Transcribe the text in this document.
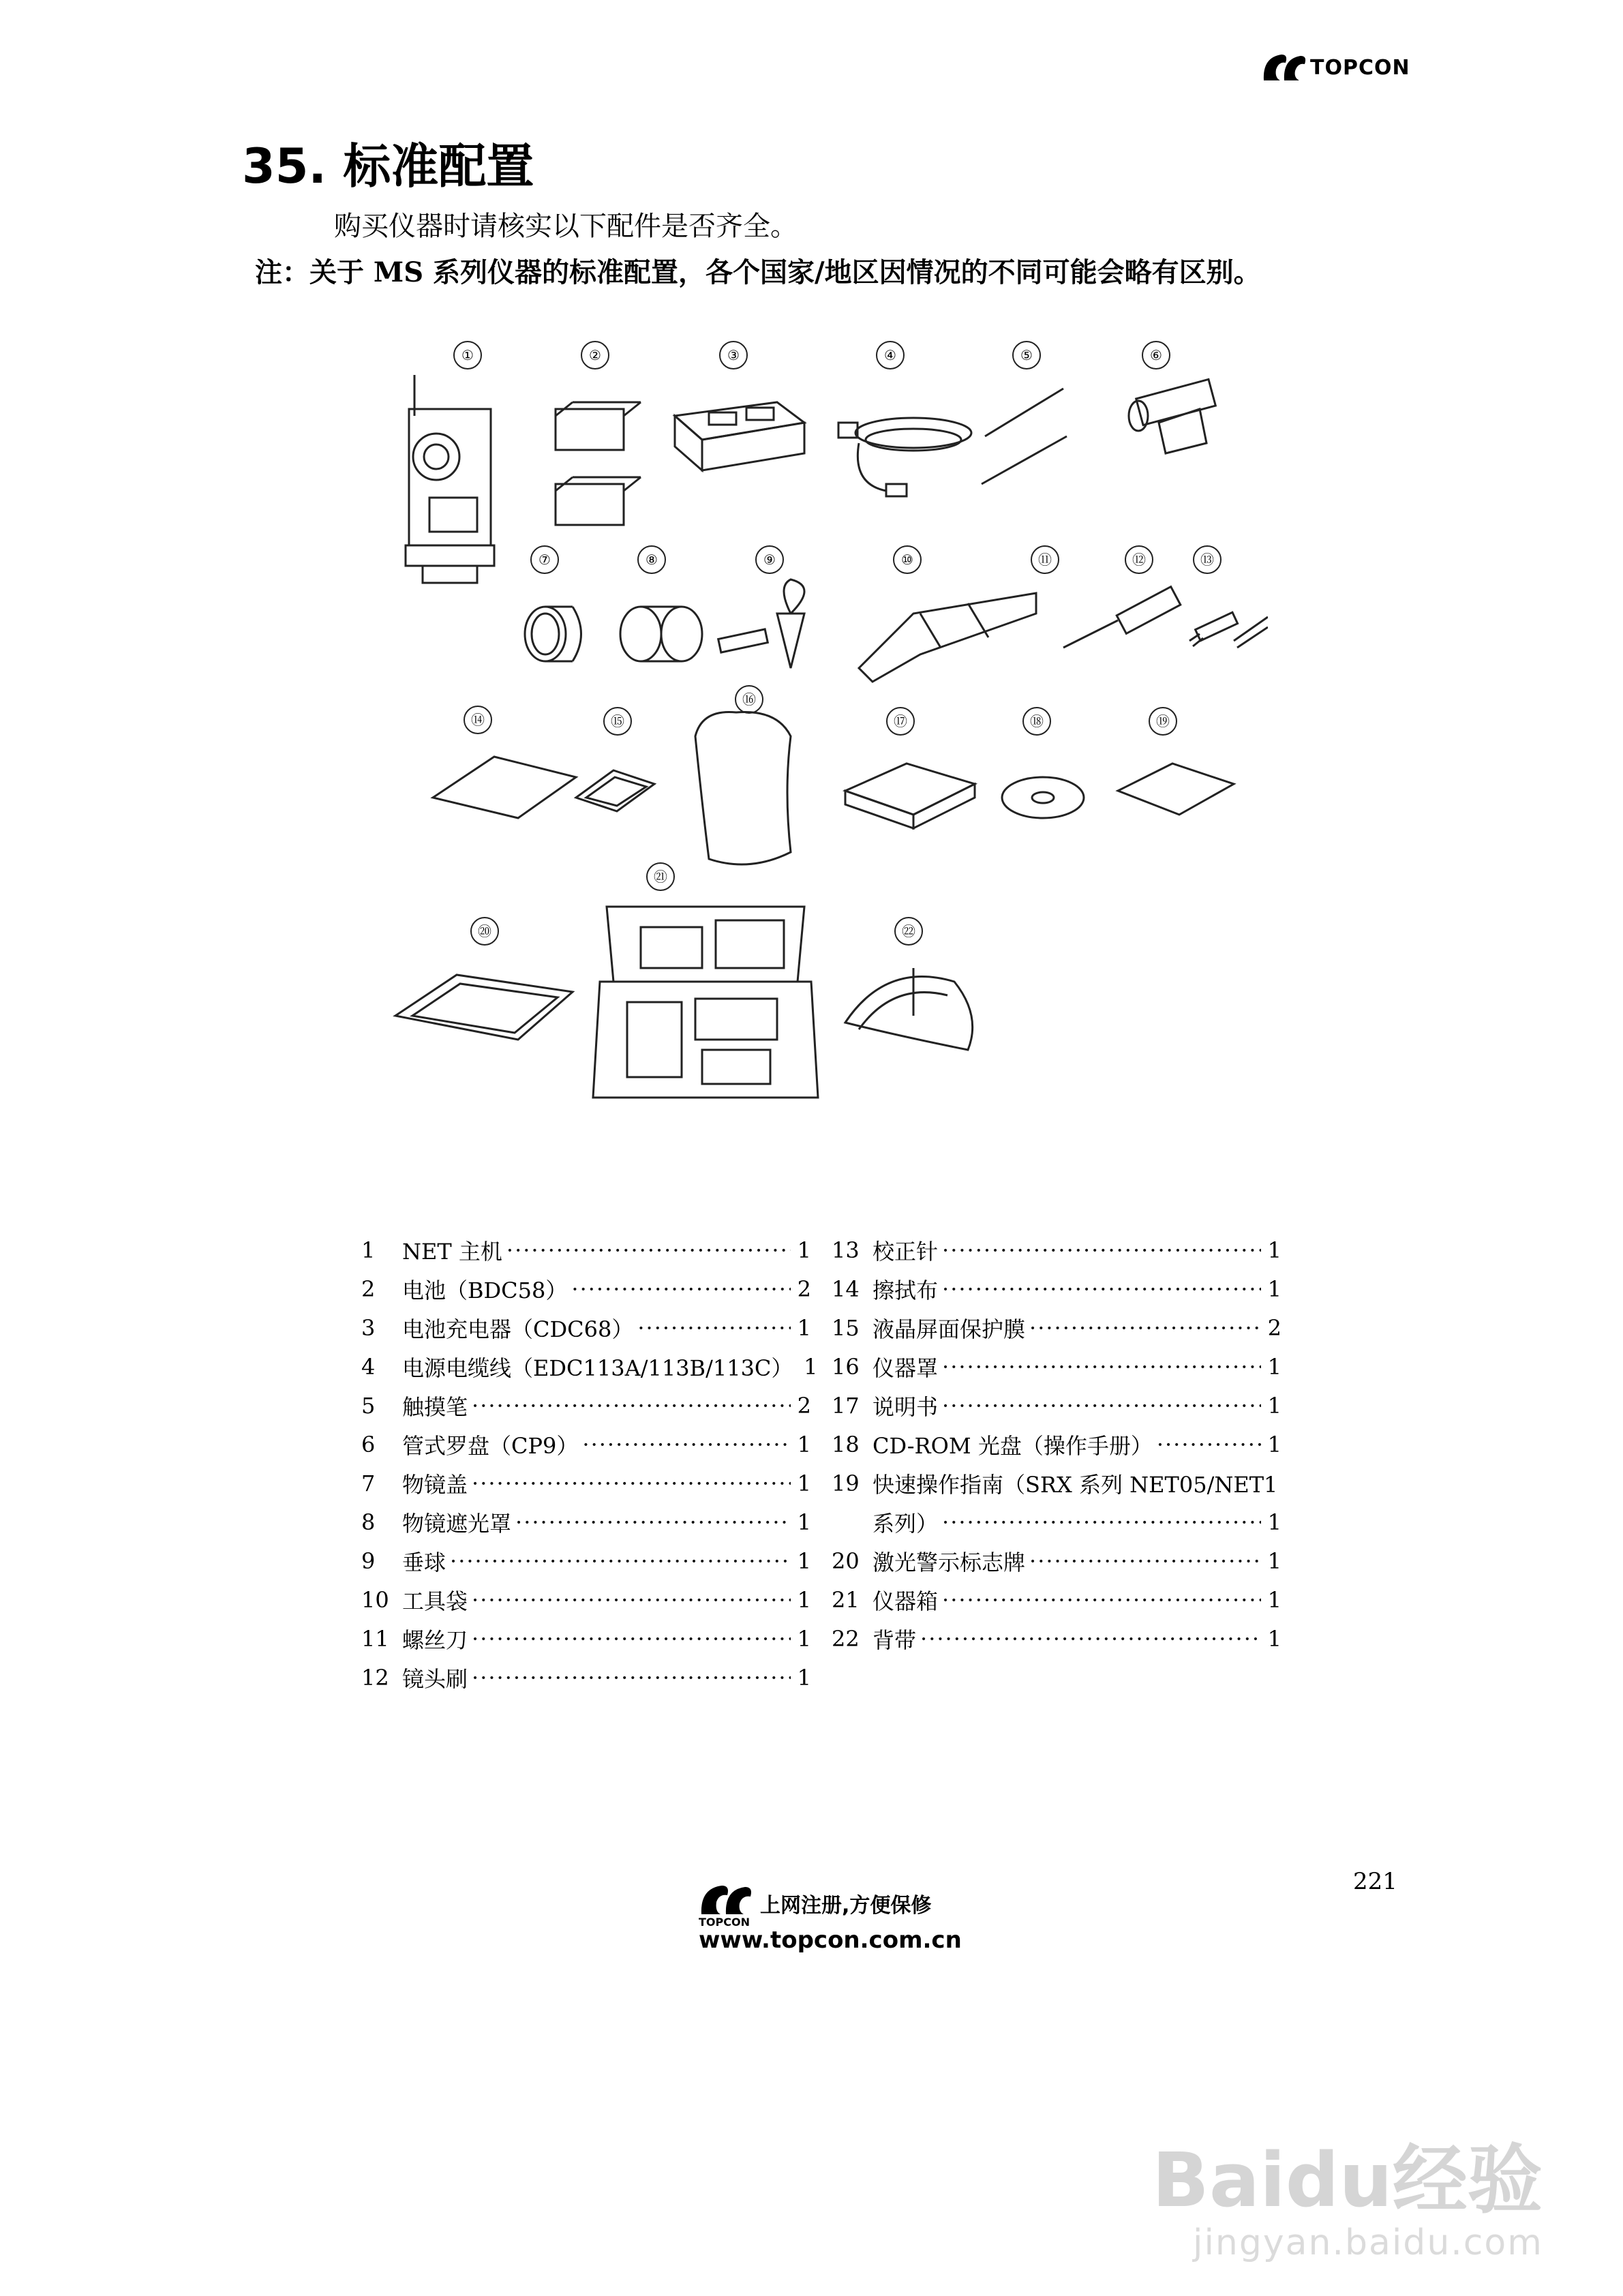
TOPCON
35. 标准配置
购买仪器时请核实以下配件是否齐全。
注：关于 MS 系列仪器的标准配置，各个国家/地区因情况的不同可能会略有区别。
①	②	③	④	⑤	⑥
⑦	⑧	⑨	⑩	⑪	⑫	⑬
⑭	⑮
⑯
⑰	⑱	⑲
⑳
㉑
㉒
1	NET 主机 ·····	1
2	电池（BDC58） ·····	2
3	电池充电器（CDC68） ·····	1
4	电源电缆线（EDC113A/113B/113C） 1
5	触摸笔 ·····	2
6	管式罗盘（CP9） ·····	1
7	物镜盖 ·····	1
8	物镜遮光罩 ·····	1
9	垂球 ·····	1
10 工具袋 ·····	1
11 螺丝刀 ·····	1
12 镜头刷 ·····	1
13 校正针 ·····	1
14 擦拭布 ·····	1
15 液晶屏面保护膜 ·····	2
16 仪器罩 ·····	1
17 说明书 ·····	1
18 CD-ROM 光盘（操作手册） ·····	1
19 快速操作指南（SRX 系列 NET05/NET1
系列） ·····	1
20 激光警示标志牌 ·····	1
21 仪器箱 ·····	1
22 背带 ·····	1
221
上网注册,方便保修
TOPCON
www.topcon.com.cn
Baidu经验
jingyan.baidu.com
